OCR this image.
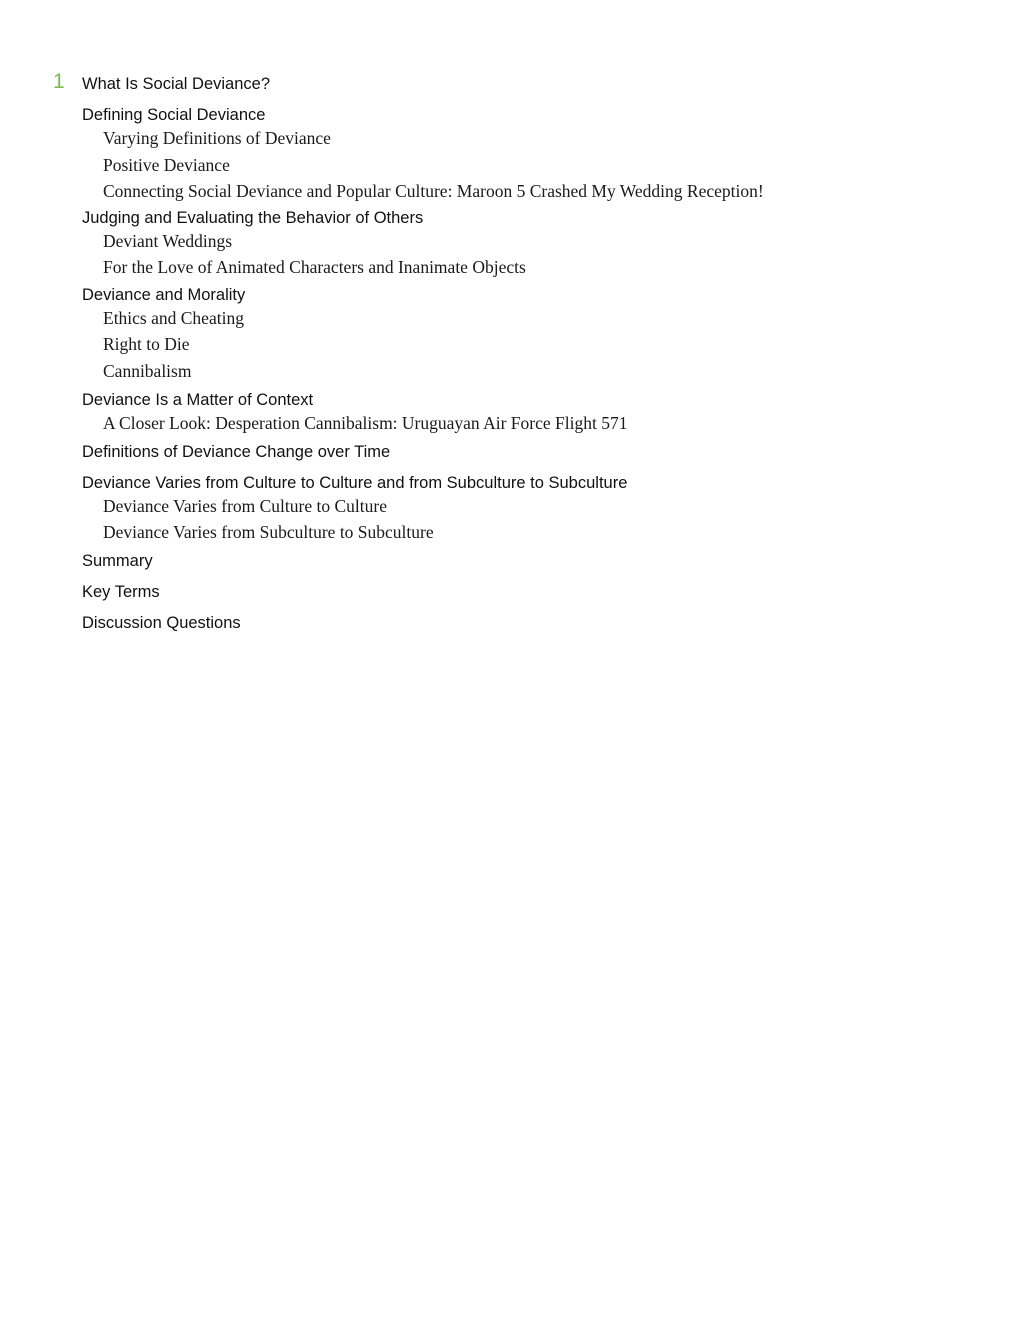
1 What Is Social Deviance?
Defining Social Deviance
Varying Definitions of Deviance
Positive Deviance
Connecting Social Deviance and Popular Culture: Maroon 5 Crashed My Wedding Reception!
Judging and Evaluating the Behavior of Others
Deviant Weddings
For the Love of Animated Characters and Inanimate Objects
Deviance and Morality
Ethics and Cheating
Right to Die
Cannibalism
Deviance Is a Matter of Context
A Closer Look: Desperation Cannibalism: Uruguayan Air Force Flight 571
Definitions of Deviance Change over Time
Deviance Varies from Culture to Culture and from Subculture to Subculture
Deviance Varies from Culture to Culture
Deviance Varies from Subculture to Subculture
Summary
Key Terms
Discussion Questions
